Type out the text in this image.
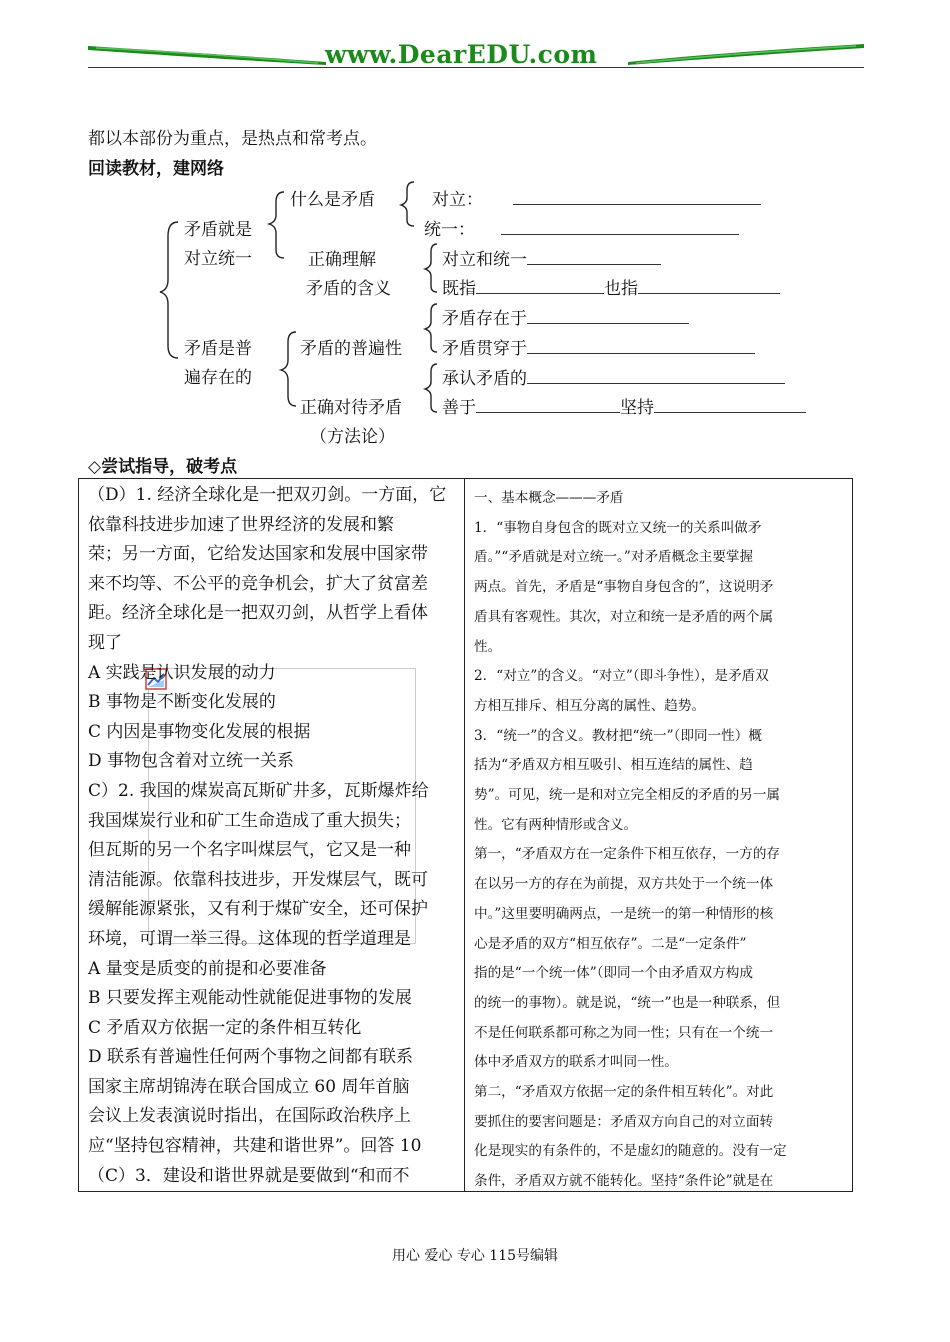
www.DearEDU.com
都以本部份为重点，是热点和常考点。
回读教材，建网络
矛盾就是
对立统一
什么是矛盾	对立：
统一：
正确理解
矛盾的含义
对立和统一
既指	也指
矛盾是普
遍存在的
矛盾的普遍性
矛盾存在于
矛盾贯穿于
正确对待矛盾
（方法论）
承认矛盾的
善于	坚持
◇尝试指导，破考点
（D）1. 经济全球化是一把双刃剑。一方面，它
依靠科技进步加速了世界经济的发展和繁
荣；另一方面，它给发达国家和发展中国家带
来不均等、不公平的竞争机会，扩大了贫富差
距。经济全球化是一把双刃剑，从哲学上看体
现了
A 实践是认识发展的动力
B 事物是不断变化发展的
C 内因是事物变化发展的根据
D 事物包含着对立统一关系
C）2. 我国的煤炭高瓦斯矿井多，瓦斯爆炸给
我国煤炭行业和矿工生命造成了重大损失；
但瓦斯的另一个名字叫煤层气，它又是一种
清洁能源。依靠科技进步，开发煤层气，既可
缓解能源紧张，又有利于煤矿安全，还可保护
环境，可谓一举三得。这体现的哲学道理是
A 量变是质变的前提和必要准备
B 只要发挥主观能动性就能促进事物的发展
C 矛盾双方依据一定的条件相互转化
D 联系有普遍性任何两个事物之间都有联系
国家主席胡锦涛在联合国成立 60 周年首脑
会议上发表演说时指出，在国际政治秩序上
应“坚持包容精神，共建和谐世界”。回答 10
（C）3．建设和谐世界就是要做到“和而不
一、基本概念———矛盾
1．“事物自身包含的既对立又统一的关系叫做矛
盾。”“矛盾就是对立统一。”对矛盾概念主要掌握
两点。首先，矛盾是“事物自身包含的”，这说明矛
盾具有客观性。其次，对立和统一是矛盾的两个属
性。
2．“对立”的含义。“对立”（即斗争性），是矛盾双
方相互排斥、相互分离的属性、趋势。
3．“统一”的含义。教材把“统一”（即同一性）概
括为“矛盾双方相互吸引、相互连结的属性、趋
势”。可见，统一是和对立完全相反的矛盾的另一属
性。它有两种情形或含义。
第一，“矛盾双方在一定条件下相互依存，一方的存
在以另一方的存在为前提，双方共处于一个统一体
中。”这里要明确两点，一是统一的第一种情形的核
心是矛盾的双方“相互依存”。二是“一定条件”
指的是“一个统一体”（即同一个由矛盾双方构成
的统一的事物）。就是说，“统一”也是一种联系，但
不是任何联系都可称之为同一性；只有在一个统一
体中矛盾双方的联系才叫同一性。
第二，“矛盾双方依据一定的条件相互转化”。对此
要抓住的要害问题是：矛盾双方向自己的对立面转
化是现实的有条件的，不是虚幻的随意的。没有一定
条件，矛盾双方就不能转化。坚持“条件论”就是在
用心 爱心 专心 115号编辑
